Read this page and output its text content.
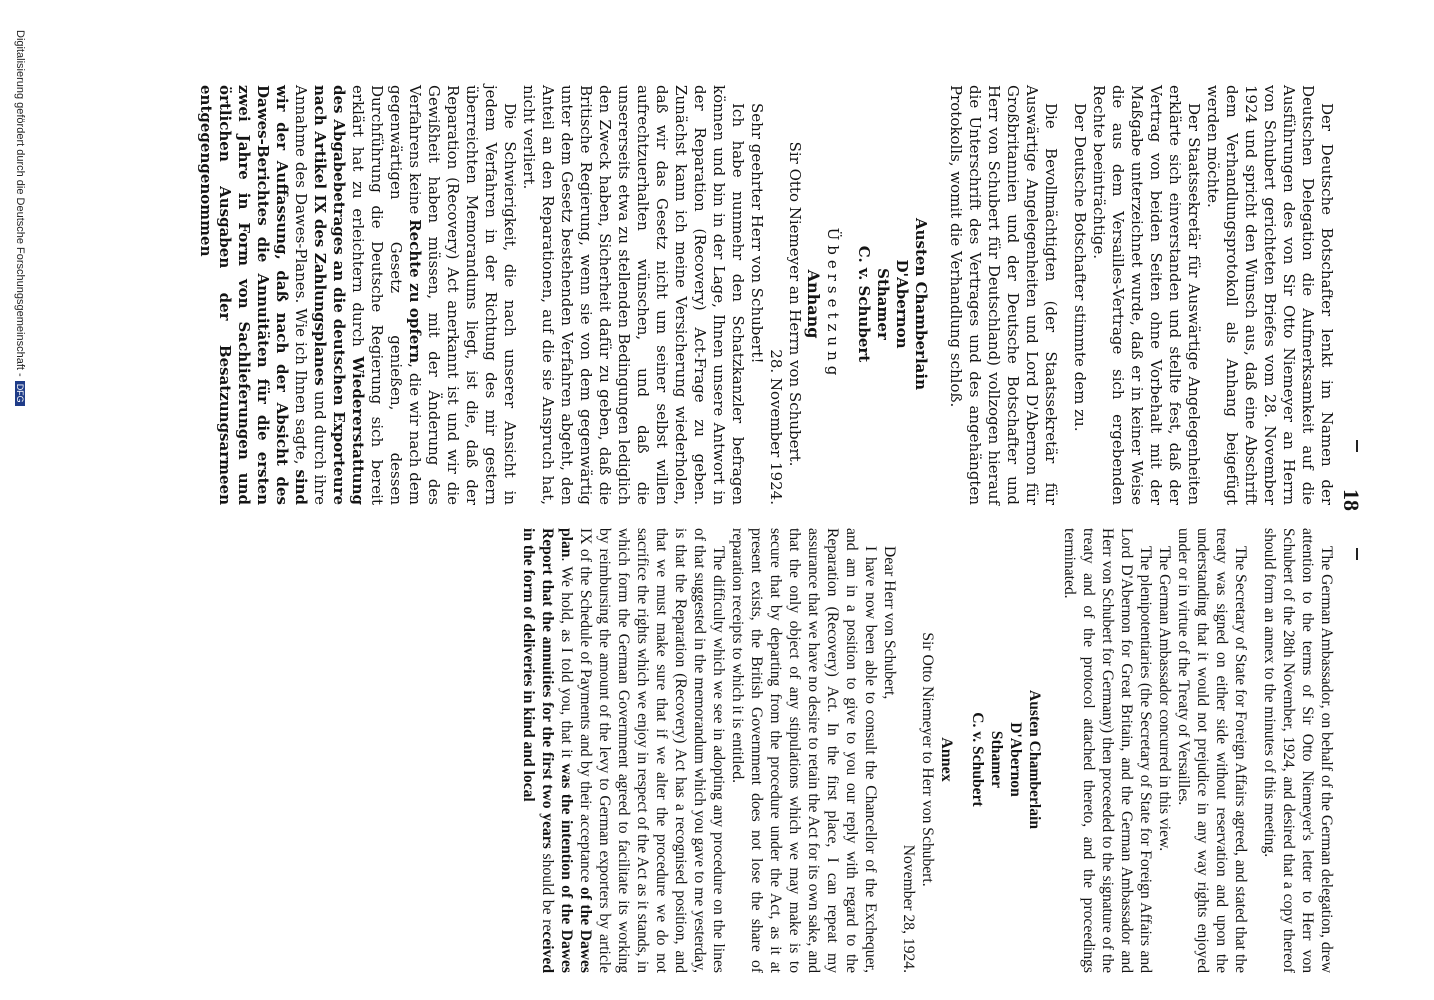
18

The German Ambassador, on behalf of the German delegation, drew attention to the terms of Sir Otto Niemeyer's letter to Herr von Schubert of the 28th November, 1924, and desired that a copy thereof should form an annex to the minutes of this meeting.

The Secretary of State for Foreign Affairs agreed, and stated that the treaty was signed on either side without reservation and upon the understanding that it would not prejudice in any way rights enjoyed under or in virtue of the Treaty of Versailles.

The German Ambassador concurred in this view.

The plenipotentiaries (the Secretary of State for Foreign Affairs and Lord D'Abernon for Great Britain, and the German Ambassador and Herr von Schubert for Germany) then proceeded to the signature of the treaty and of the protocol attached thereto, and the proceedings terminated.

Austen Chamberlain

D'Abernon

Sthamer

C. v. Schubert

Annex

Sir Otto Niemeyer to Herr von Schubert.

November 28, 1924.

Dear Herr von Schubert,

I have now been able to consult the Chancellor of the Exchequer, and am in a position to give to you our reply with regard to the Reparation (Recovery) Act. In the first place, I can repeat my assurance that we have no desire to retain the Act for its own sake, and that the only object of any stipulations which we may make is to secure that by departing from the procedure under the Act, as it at present exists, the British Government does not lose the share of reparation receipts to which it is entitled.

The difficulty which we see in adopting any procedure on the lines of that suggested in the memorandum which you gave to me yesterday, is that the Reparation (Recovery) Act has a recognised position, and that we must make sure that if we alter the procedure we do not sacrifice the rights which we enjoy in respect of the Act as it stands, in which form the German Government agreed to facilitate its working by reimbursing the amount of the levy to German exporters by article IX of the Schedule of Payments and by their acceptance of the Dawes plan. We hold, as I told you, that it was the intention of the Dawes Report that the annuities for the first two years should be received in the form of deliveries in kind and local

Der Deutsche Botschafter lenkt im Namen der Deutschen Delegation die Aufmerksamkeit auf die Ausführungen des von Sir Otto Niemeyer an Herrn von Schubert gerichteten Briefes vom 28. November 1924 und spricht den Wunsch aus, daß eine Abschrift dem Verhandlungsprotokoll als Anhang beigefügt werden möchte.

Der Staatssekretär für Auswärtige Angelegenheiten erklärte sich einverstanden und stellte fest, daß der Vertrag von beiden Seiten ohne Vorbehalt mit der Maßgabe unterzeichnet wurde, daß er in keiner Weise die aus dem Versailles-Vertrage sich ergebenden Rechte beeinträchtige.

Der Deutsche Botschafter stimmte dem zu.

Die Bevollmächtigten (der Staatssekretär für Auswärtige Angelegenheiten und Lord D'Abernon für Großbritannien und der Deutsche Botschafter und Herr von Schubert für Deutschland) vollzogen hierauf die Unterschrift des Vertrages und des angehängten Protokolls, womit die Verhandlung schloß.

Austen Chamberlain

D'Abernon

Sthamer

C. v. Schubert

Übersetzung

Anhang

Sir Otto Niemeyer an Herrn von Schubert.

28. November 1924.

Sehr geehrter Herr von Schubert!

Ich habe nunmehr den Schatzkanzler befragen können und bin in der Lage, Ihnen unsere Antwort in der Reparation (Recovery) Act-Frage zu geben. Zunächst kann ich meine Versicherung wiederholen, daß wir das Gesetz nicht um seiner selbst willen aufrechtzuerhalten wünschen, und daß die unsererseits etwa zu stellenden Bedingungen lediglich den Zweck haben, Sicherheit dafür zu geben, daß die Britische Regierung, wenn sie von dem gegenwärtig unter dem Gesetz bestehenden Verfahren abgeht, den Anteil an den Reparationen, auf die sie Anspruch hat, nicht verliert.

Die Schwierigkeit, die nach unserer Ansicht in jedem Verfahren in der Richtung des mir gestern überreichten Memorandums liegt, ist die, daß der Reparation (Recovery) Act anerkannt ist und wir die Gewißheit haben müssen, mit der Änderung des Verfahrens keine Rechte zu opfern, die wir nach dem gegenwärtigen Gesetz genießen, dessen Durchführung die Deutsche Regierung sich bereit erklärt hat zu erleichtern durch Wiedererstattung des Abgabebetrages an die deutschen Exporteure nach Artikel IX des Zahlungsplanes und durch ihre Annahme des Dawes-Planes. Wie ich Ihnen sagte, sind wir der Auffassung, daß nach der Absicht des Dawes-Berichtes die Annuitäten für die ersten zwei Jahre in Form von Sachlieferungen und örtlichen Ausgaben der Besatzungsarmeen entgegengenommen

Digitalisierung gefördert durch die Deutsche Forschungsgemeinschaft -DFG
